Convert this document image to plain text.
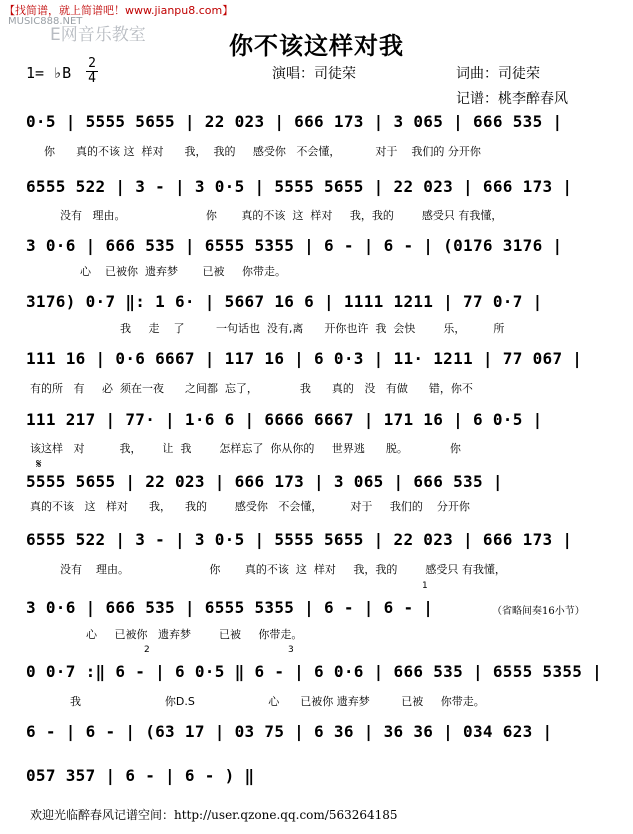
【找简谱，就上简谱吧！www.jianpu8.com】
MUSIC888.NET
E网音乐教室	你不该这样对我
1= ♭B
2
4	演唱：司徒荣	词曲：司徒荣
记谱：桃李醉春风
0·5 | 5555 5655 | 22 023 | 666 173 | 3 065 | 666 535 |
你      真的不该 这  样对      我，  我的     感受你   不会懂，          对于    我们的 分开你
6555 522 | 3 - | 3 0·5 | 5555 5655 | 22 023 | 666 173 |
没有   理由。                       你       真的不该  这  样对     我，我的        感受只 有我懂，
3 0·6 | 666 535 | 6555 5355 | 6 - | 6 - | (0176 3176 |
心    已被你  遗弃梦       已被     你带走。
3176) 0·7 ‖: 1 6· | 5667 16 6 | 1111 1211 | 77 0·7 |
我     走    了         一句话也  没有,离      开你也许  我  会快        乐，        所
111 16 | 0·6 6667 | 117 16 | 6 0·3 | 11· 1211 | 77 067 |
有的所   有     必  须在一夜      之间都  忘了，            我      真的   没   有做      错，你不
111 217 | 77· | 1·6 6 | 6666 6667 | 171 16 | 6 0·5 |
该这样   对          我，      让  我        怎样忘了  你从你的     世界逃      脱。            你
𝄋
5555 5655 | 22 023 | 666 173 | 3 065 | 666 535 |
真的不该   这   样对      我，    我的        感受你   不会懂，        对于     我们的    分开你
6555 522 | 3 - | 3 0·5 | 5555 5655 | 22 023 | 666 173 |
没有    理由。                       你       真的不该  这  样对     我，我的        感受只 有我懂，
1
3 0·6 | 666 535 | 6555 5355 | 6 - | 6 - |	（省略间奏16小节）
心     已被你   遗弃梦        已被     你带走。
2	3
0 0·7 :‖ 6 - | 6 0·5 ‖ 6 - | 6 0·6 | 666 535 | 6555 5355 |
我                        你D.S                     心      已被你 遗弃梦         已被     你带走。
6 - | 6 - | (63 17 | 03 75 | 6 36 | 36 36 | 034 623 |
057 357 | 6 - | 6 - ) ‖
欢迎光临醉春风记谱空间：http://user.qzone.qq.com/563264185
